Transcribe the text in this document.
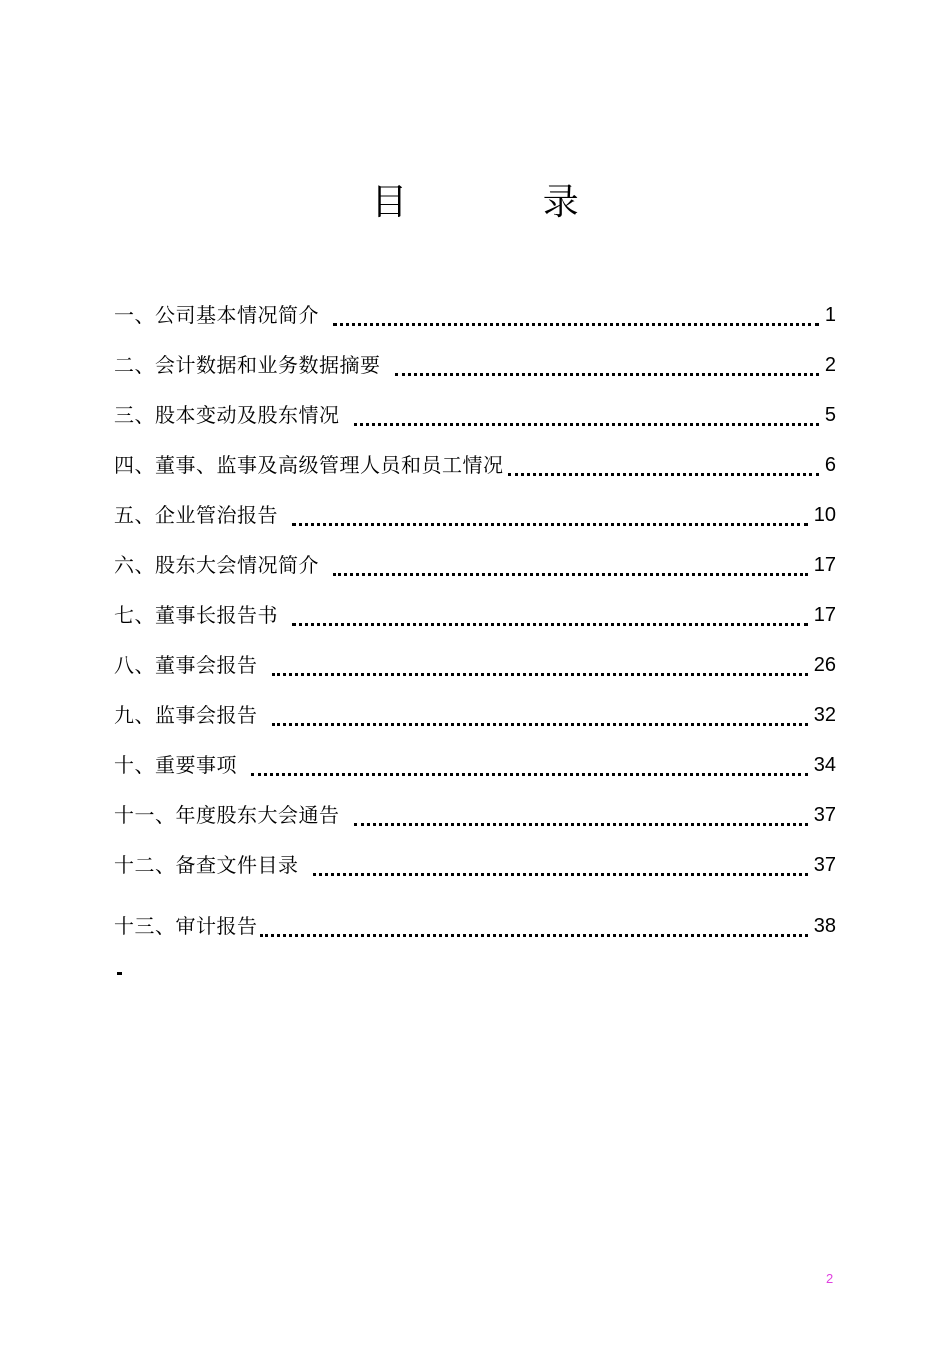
目 录
一、公司基本情况简介	1
二、会计数据和业务数据摘要	2
三、股本变动及股东情况	5
四、董事、监事及高级管理人员和员工情况	6
五、企业管治报告	10
六、股东大会情况简介	17
七、董事长报告书	17
八、董事会报告	26
九、监事会报告	32
十、重要事项	34
十一、年度股东大会通告	37
十二、备查文件目录	37
十三、审计报告	38
2
